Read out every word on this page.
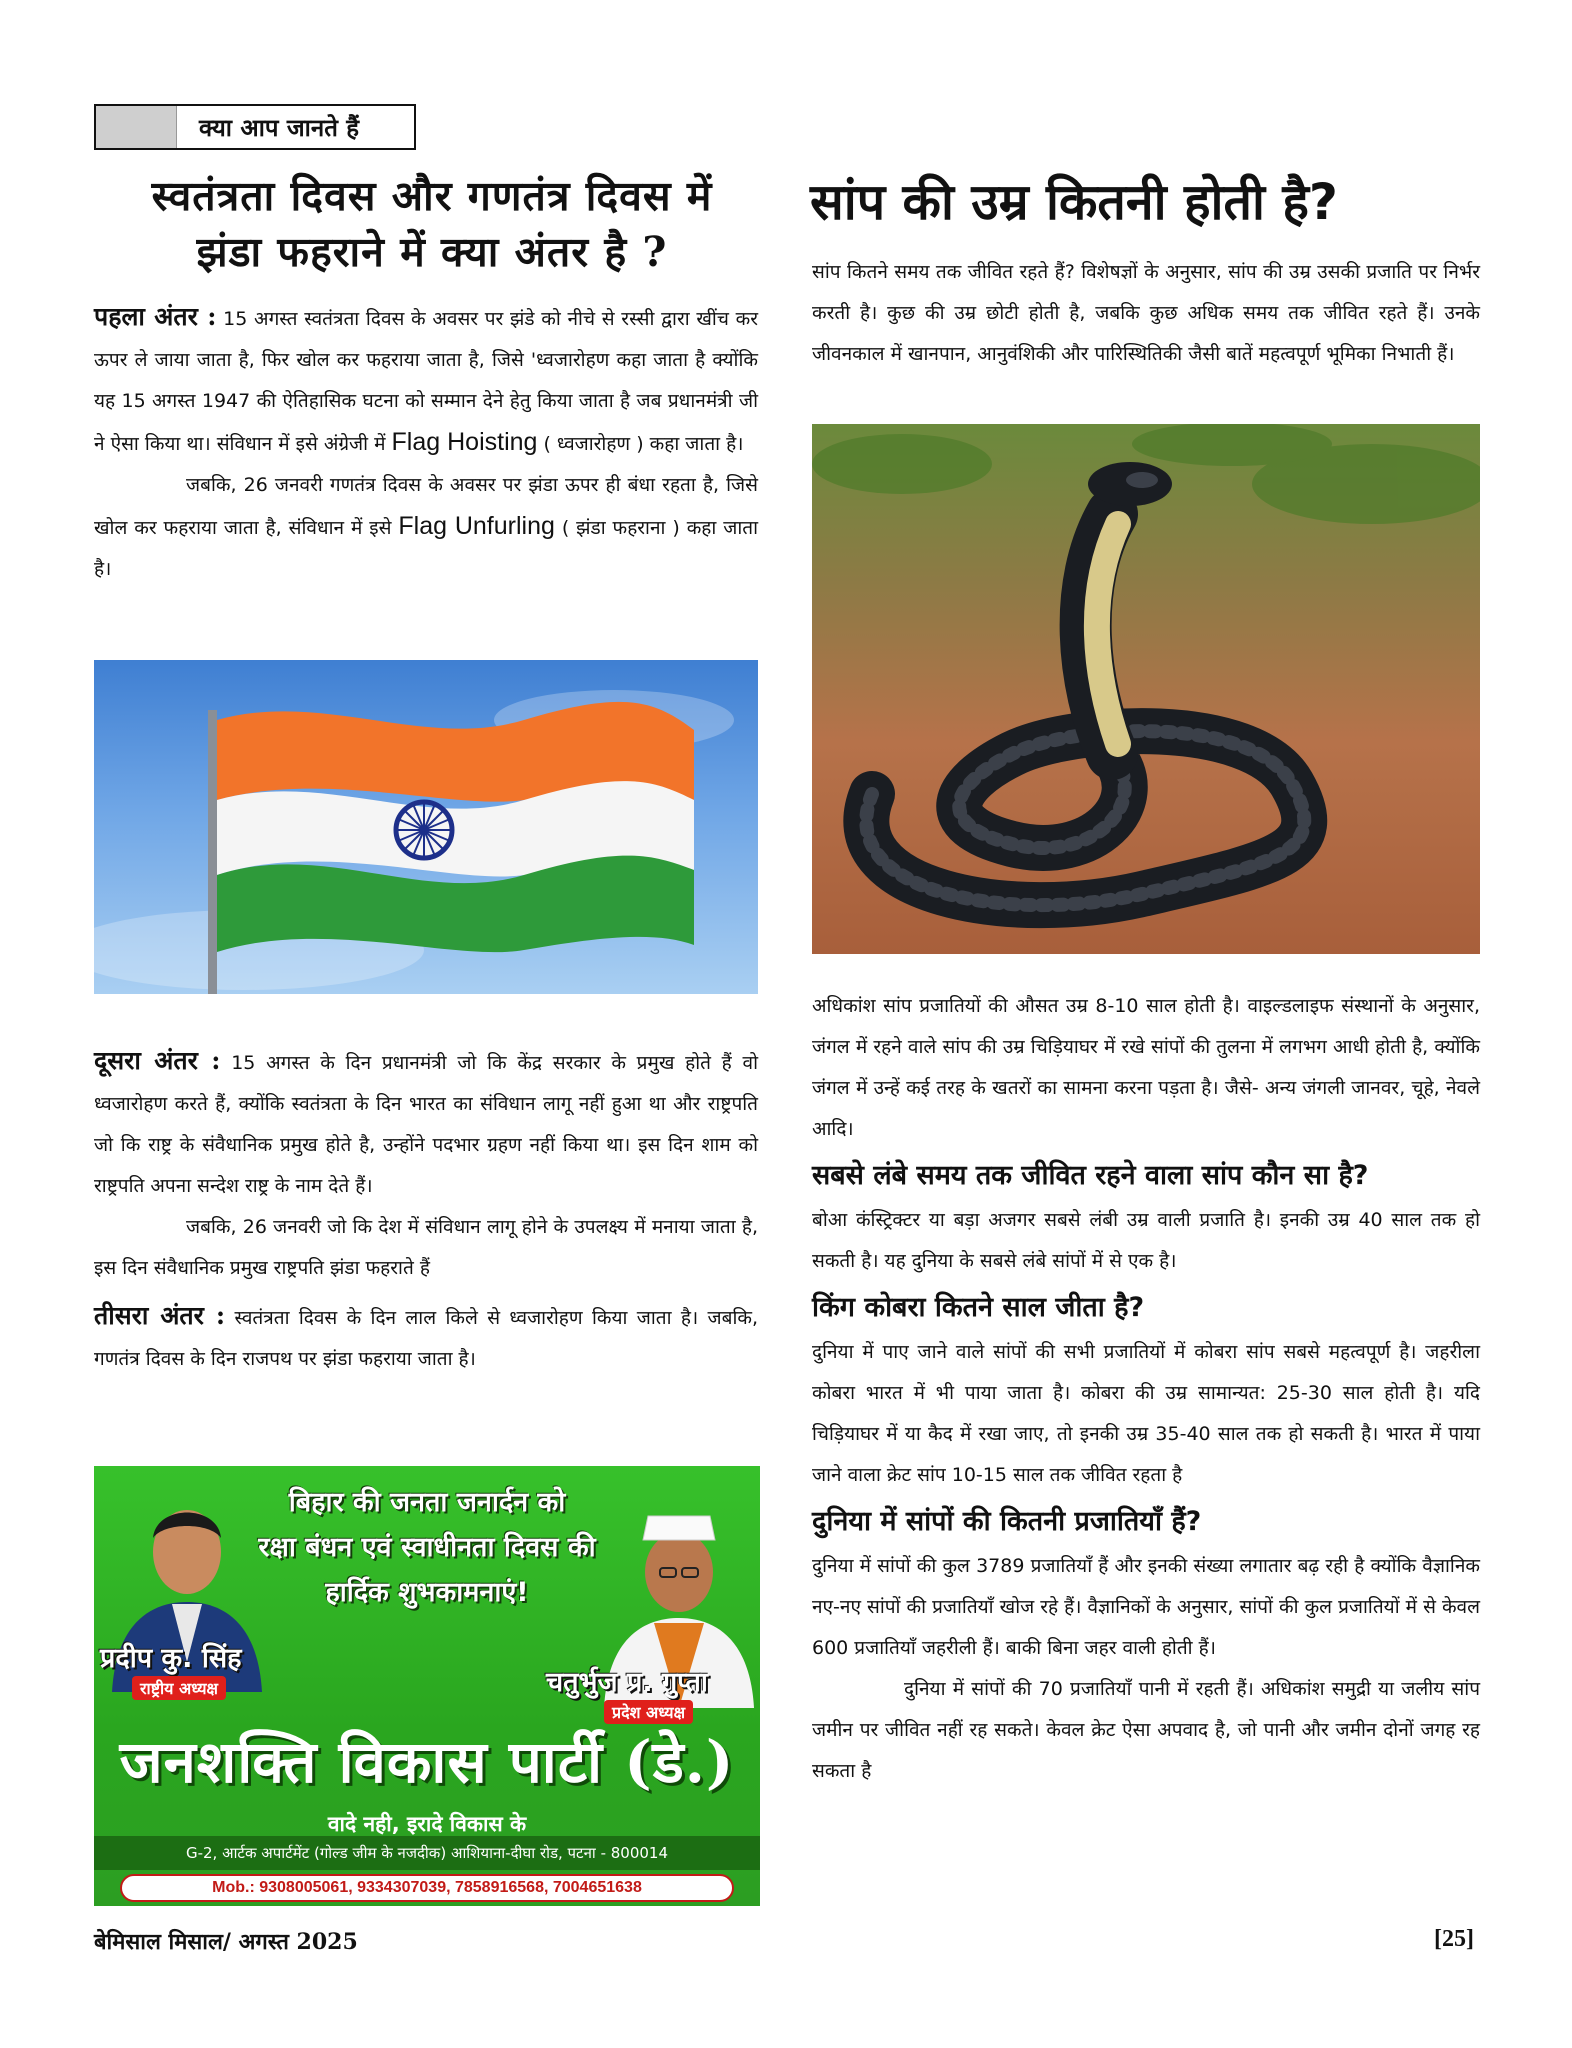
क्या आप जानते हैं
स्वतंत्रता दिवस और गणतंत्र दिवस में
झंडा फहराने में क्या अंतर है ?
सांप की उम्र कितनी होती है?

पहला अंतर : 15 अगस्त स्वतंत्रता दिवस के अवसर पर झंडे को नीचे से रस्सी द्वारा खींच कर ऊपर ले जाया जाता है, फिर खोल कर फहराया जाता है, जिसे 'ध्वजारोहण कहा जाता है क्योंकि यह 15 अगस्त 1947 की ऐतिहासिक घटना को सम्मान देने हेतु किया जाता है जब प्रधानमंत्री जी ने ऐसा किया था। संविधान में इसे अंग्रेजी में Flag Hoisting ( ध्वजारोहण ) कहा जाता है।

जबकि, 26 जनवरी गणतंत्र दिवस के अवसर पर झंडा ऊपर ही बंधा रहता है, जिसे खोल कर फहराया जाता है, संविधान में इसे Flag Unfurling ( झंडा फहराना ) कहा जाता है।

दूसरा अंतर : 15 अगस्त के दिन प्रधानमंत्री जो कि केंद्र सरकार के प्रमुख होते हैं वो ध्वजारोहण करते हैं, क्योंकि स्वतंत्रता के दिन भारत का संविधान लागू नहीं हुआ था और राष्ट्रपति जो कि राष्ट्र के संवैधानिक प्रमुख होते है, उन्होंने पदभार ग्रहण नहीं किया था। इस दिन शाम को राष्ट्रपति अपना सन्देश राष्ट्र के नाम देते हैं।

जबकि, 26 जनवरी जो कि देश में संविधान लागू होने के उपलक्ष्य में मनाया जाता है, इस दिन संवैधानिक प्रमुख राष्ट्रपति झंडा फहराते हैं

तीसरा अंतर : स्वतंत्रता दिवस के दिन लाल किले से ध्वजारोहण किया जाता है। जबकि, गणतंत्र दिवस के दिन राजपथ पर झंडा फहराया जाता है।

सांप कितने समय तक जीवित रहते हैं? विशेषज्ञों के अनुसार, सांप की उम्र उसकी प्रजाति पर निर्भर करती है। कुछ की उम्र छोटी होती है, जबकि कुछ अधिक समय तक जीवित रहते हैं। उनके जीवनकाल में खानपान, आनुवंशिकी और पारिस्थितिकी जैसी बातें महत्वपूर्ण भूमिका निभाती हैं।

अधिकांश सांप प्रजातियों की औसत उम्र 8-10 साल होती है। वाइल्डलाइफ संस्थानों के अनुसार, जंगल में रहने वाले सांप की उम्र चिड़ियाघर में रखे सांपों की तुलना में लगभग आधी होती है, क्योंकि जंगल में उन्हें कई तरह के खतरों का सामना करना पड़ता है। जैसे- अन्य जंगली जानवर, चूहे, नेवले आदि।

सबसे लंबे समय तक जीवित रहने वाला सांप कौन सा है?

बोआ कंस्ट्रिक्टर या बड़ा अजगर सबसे लंबी उम्र वाली प्रजाति है। इनकी उम्र 40 साल तक हो सकती है। यह दुनिया के सबसे लंबे सांपों में से एक है।

किंग कोबरा कितने साल जीता है?

दुनिया में पाए जाने वाले सांपों की सभी प्रजातियों में कोबरा सांप सबसे महत्वपूर्ण है। जहरीला कोबरा भारत में भी पाया जाता है। कोबरा की उम्र सामान्यत: 25-30 साल होती है। यदि चिड़ियाघर में या कैद में रखा जाए, तो इनकी उम्र 35-40 साल तक हो सकती है। भारत में पाया जाने वाला क्रेट सांप 10-15 साल तक जीवित रहता है

दुनिया में सांपों की कितनी प्रजातियाँ हैं?

दुनिया में सांपों की कुल 3789 प्रजातियाँ हैं और इनकी संख्या लगातार बढ़ रही है क्योंकि वैज्ञानिक नए-नए सांपों की प्रजातियाँ खोज रहे हैं। वैज्ञानिकों के अनुसार, सांपों की कुल प्रजातियों में से केवल 600 प्रजातियाँ जहरीली हैं। बाकी बिना जहर वाली होती हैं।

दुनिया में सांपों की 70 प्रजातियाँ पानी में रहती हैं। अधिकांश समुद्री या जलीय सांप जमीन पर जीवित नहीं रह सकते। केवल क्रेट ऐसा अपवाद है, जो पानी और जमीन दोनों जगह रह सकता है

बिहार की जनता जनार्दन को
रक्षा बंधन एवं स्वाधीनता दिवस की
हार्दिक शुभकामनाएं!
प्रदीप कु. सिंह
राष्ट्रीय अध्यक्ष	चतुर्भुज प्र. गुप्ता
प्रदेश अध्यक्ष
जनशक्ति विकास पार्टी (डे.)
वादे नही, इरादे विकास के
G-2, आर्टक अपार्टमेंट (गोल्ड जीम के नजदीक) आशियाना-दीघा रोड, पटना - 800014
Mob.: 9308005061, 9334307039, 7858916568, 7004651638
बेमिसाल मिसाल/ अगस्त 2025	[25]
